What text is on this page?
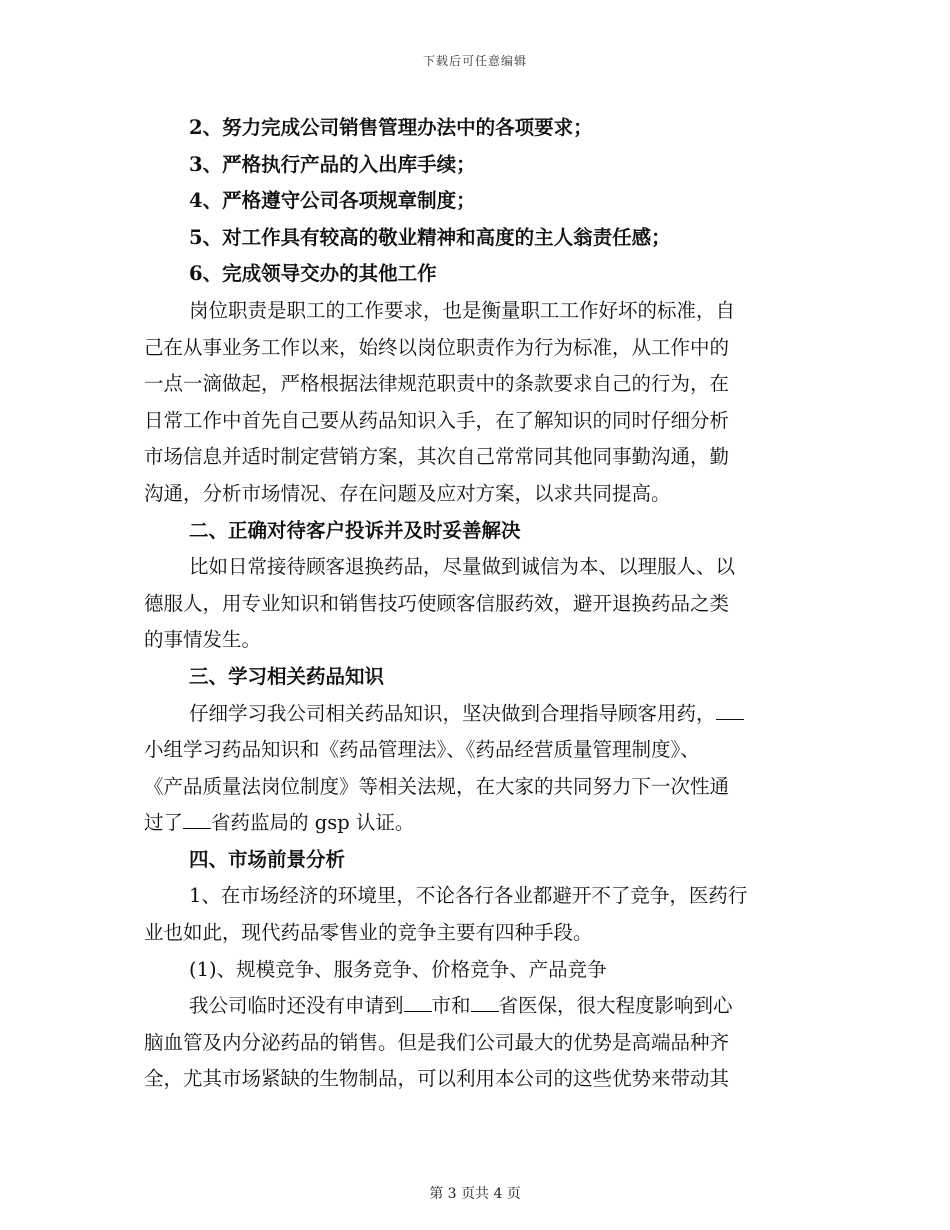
下载后可任意编辑
2、努力完成公司销售管理办法中的各项要求；
3、严格执行产品的入出库手续；
4、严格遵守公司各项规章制度；
5、对工作具有较高的敬业精神和高度的主人翁责任感；
6、完成领导交办的其他工作
岗位职责是职工的工作要求，也是衡量职工工作好坏的标准，自
己在从事业务工作以来，始终以岗位职责作为行为标准，从工作中的
一点一滴做起，严格根据法律规范职责中的条款要求自己的行为，在
日常工作中首先自己要从药品知识入手，在了解知识的同时仔细分析
市场信息并适时制定营销方案，其次自己常常同其他同事勤沟通，勤
沟通，分析市场情况、存在问题及应对方案，以求共同提高。
二、正确对待客户投诉并及时妥善解决
比如日常接待顾客退换药品，尽量做到诚信为本、以理服人、以
德服人，用专业知识和销售技巧使顾客信服药效，避开退换药品之类
的事情发生。
三、学习相关药品知识
仔细学习我公司相关药品知识，坚决做到合理指导顾客用药，
小组学习药品知识和《药品管理法》、《药品经营质量管理制度》、
《产品质量法岗位制度》等相关法规，在大家的共同努力下一次性通
过了 省药监局的 gsp 认证。
四、市场前景分析
1、在市场经济的环境里，不论各行各业都避开不了竞争，医药行
业也如此，现代药品零售业的竞争主要有四种手段。
(1)、规模竞争、服务竞争、价格竞争、产品竞争
我公司临时还没有申请到 市和 省医保，很大程度影响到心
脑血管及内分泌药品的销售。但是我们公司最大的优势是高端品种齐
全，尤其市场紧缺的生物制品，可以利用本公司的这些优势来带动其
第 3 页共 4 页
